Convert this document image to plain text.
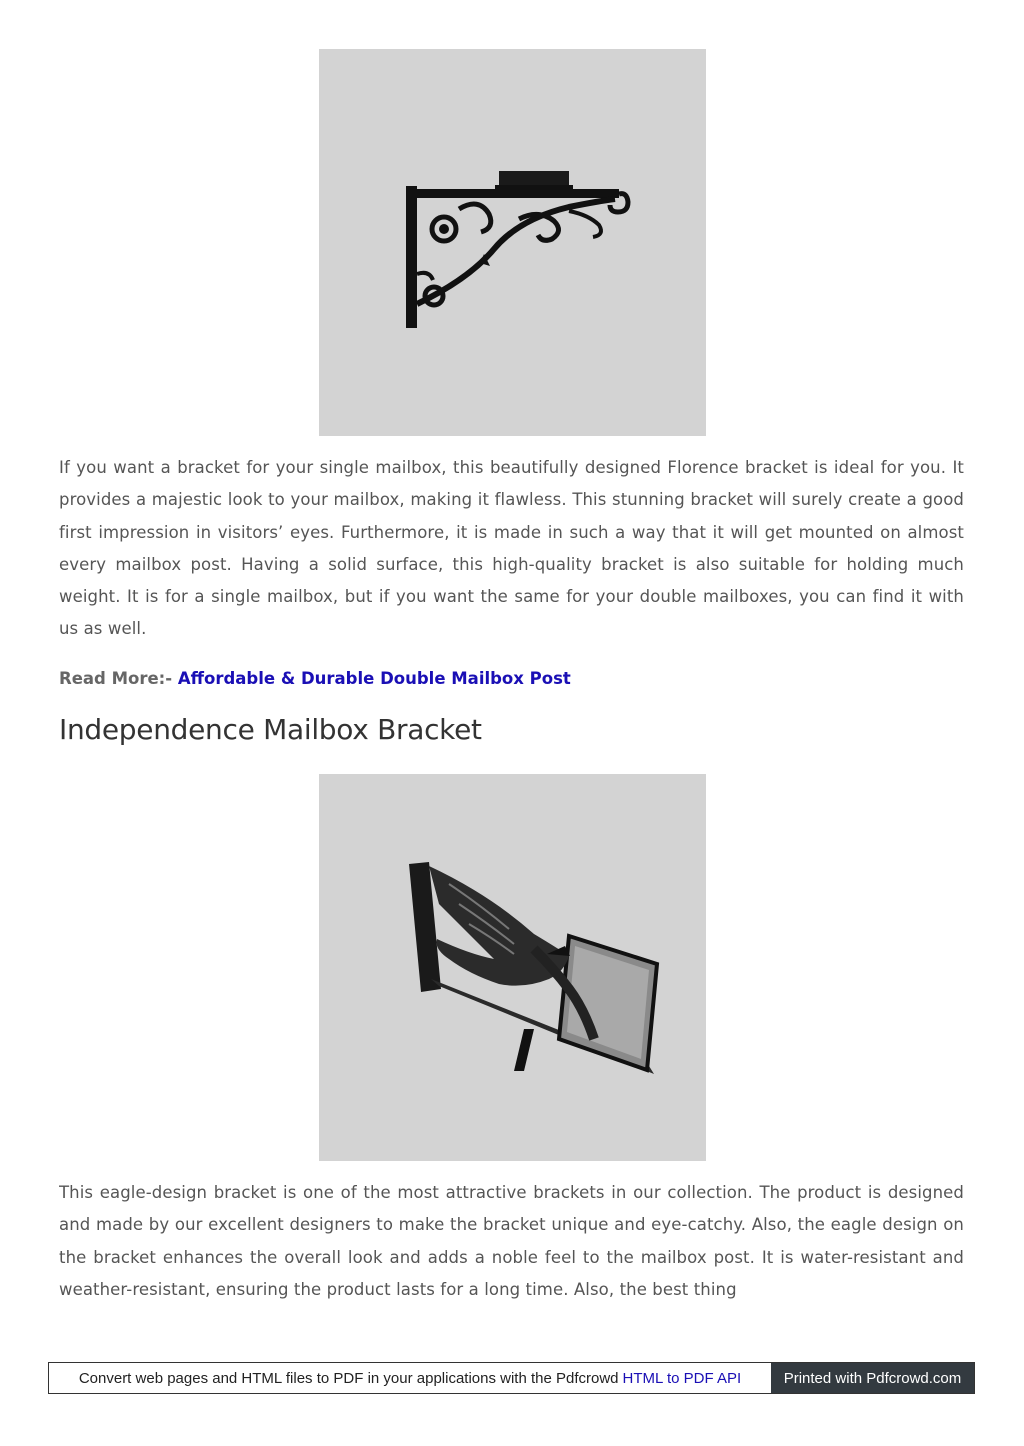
If you want a bracket for your single mailbox, this beautifully designed Florence bracket is ideal for you. It provides a majestic look to your mailbox, making it flawless. This stunning bracket will surely create a good first impression in visitors’ eyes. Furthermore, it is made in such a way that it will get mounted on almost every mailbox post. Having a solid surface, this high-quality bracket is also suitable for holding much weight. It is for a single mailbox, but if you want the same for your double mailboxes, you can find it with us as well.

Read More:- Affordable & Durable Double Mailbox Post
Independence Mailbox Bracket

This eagle-design bracket is one of the most attractive brackets in our collection. The product is designed and made by our excellent designers to make the bracket unique and eye-catchy. Also, the eagle design on the bracket enhances the overall look and adds a noble feel to the mailbox post. It is water-resistant and weather-resistant, ensuring the product lasts for a long time. Also, the best thing

Convert web pages and HTML files to PDF in your applications with the Pdfcrowd HTML to PDF API	Printed with Pdfcrowd.com
